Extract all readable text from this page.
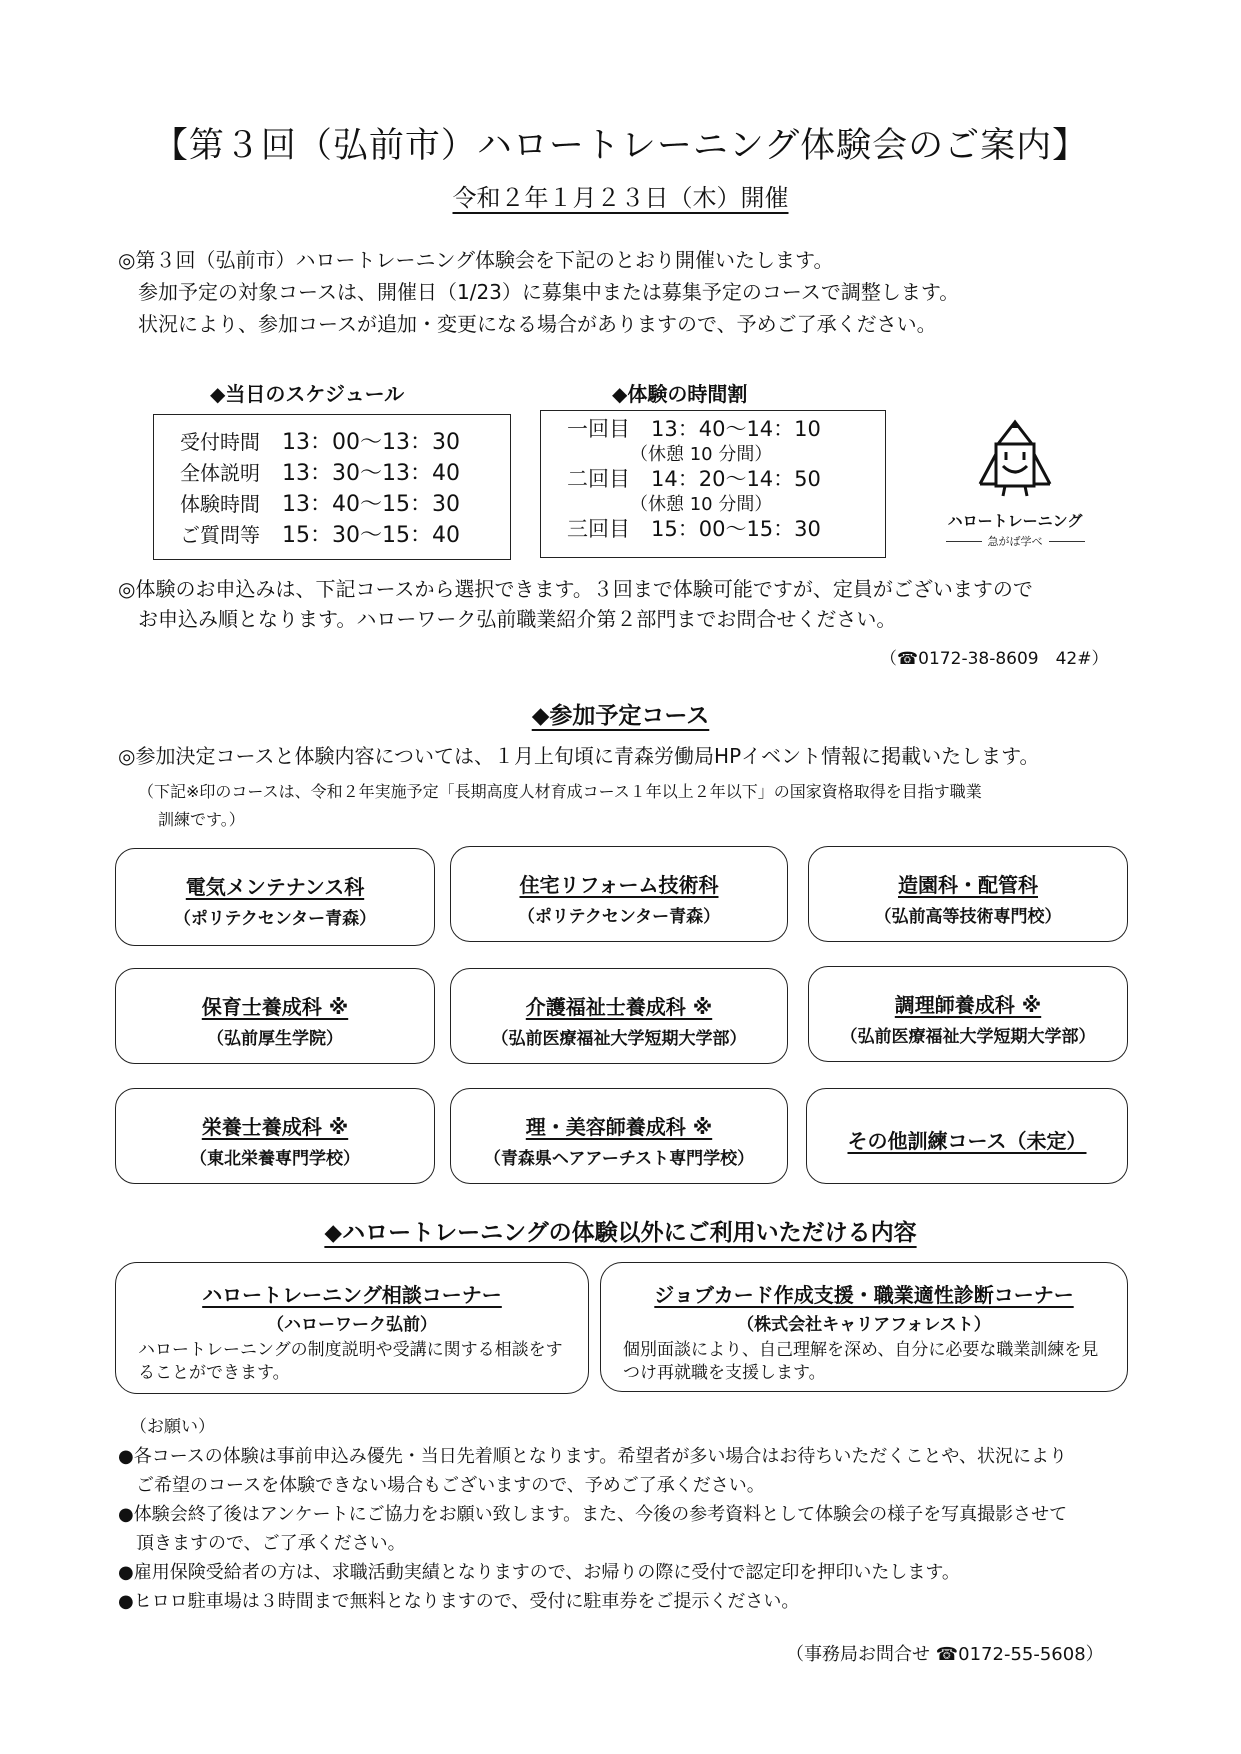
【第３回（弘前市）ハロートレーニング体験会のご案内】
令和２年１月２３日（木）開催
◎第３回（弘前市）ハロートレーニング体験会を下記のとおり開催いたします。
　参加予定の対象コースは、開催日（1/23）に募集中または募集予定のコースで調整します。
　状況により、参加コースが追加・変更になる場合がありますので、予めご了承ください。
◆当日のスケジュール
受付時間 13：00～13：30
全体説明 13：30～13：40
体験時間 13：40～15：30
ご質問等 15：30～15：40
◆体験の時間割
一回目　13：40～14：10
　　　　（休憩 10 分間）
二回目　14：20～14：50
　　　　（休憩 10 分間）
三回目　15：00～15：30	ハロートレーニング
急がば学べ
◎体験のお申込みは、下記コースから選択できます。３回まで体験可能ですが、定員がございますので
　お申込み順となります。ハローワーク弘前職業紹介第２部門までお問合せください。
（☎0172-38-8609　42#）
◆参加予定コース
◎参加決定コースと体験内容については、１月上旬頃に青森労働局HPイベント情報に掲載いたします。
（下記※印のコースは、令和２年実施予定「長期高度人材育成コース１年以上２年以下」の国家資格取得を目指す職業
訓練です。）
電気メンテナンス科
（ポリテクセンター青森）
住宅リフォーム技術科
（ポリテクセンター青森）
造園科・配管科
（弘前高等技術専門校）
保育士養成科 ※
（弘前厚生学院）
介護福祉士養成科 ※
（弘前医療福祉大学短期大学部）
調理師養成科 ※
（弘前医療福祉大学短期大学部）
栄養士養成科 ※
（東北栄養専門学校）
理・美容師養成科 ※
（青森県ヘアアーチスト専門学校）
その他訓練コース（未定）
◆ハロートレーニングの体験以外にご利用いただける内容
ハロートレーニング相談コーナー
（ハローワーク弘前）
ハロートレーニングの制度説明や受講に関する相談をすることができます。
ジョブカード作成支援・職業適性診断コーナー
（株式会社キャリアフォレスト）
個別面談により、自己理解を深め、自分に必要な職業訓練を見つけ再就職を支援します。
（お願い）
●各コースの体験は事前申込み優先・当日先着順となります。希望者が多い場合はお待ちいただくことや、状況により
　ご希望のコースを体験できない場合もございますので、予めご了承ください。
●体験会終了後はアンケートにご協力をお願い致します。また、今後の参考資料として体験会の様子を写真撮影させて
　頂きますので、ご了承ください。
●雇用保険受給者の方は、求職活動実績となりますので、お帰りの際に受付で認定印を押印いたします。
●ヒロロ駐車場は３時間まで無料となりますので、受付に駐車券をご提示ください。
（事務局お問合せ ☎0172-55-5608）
